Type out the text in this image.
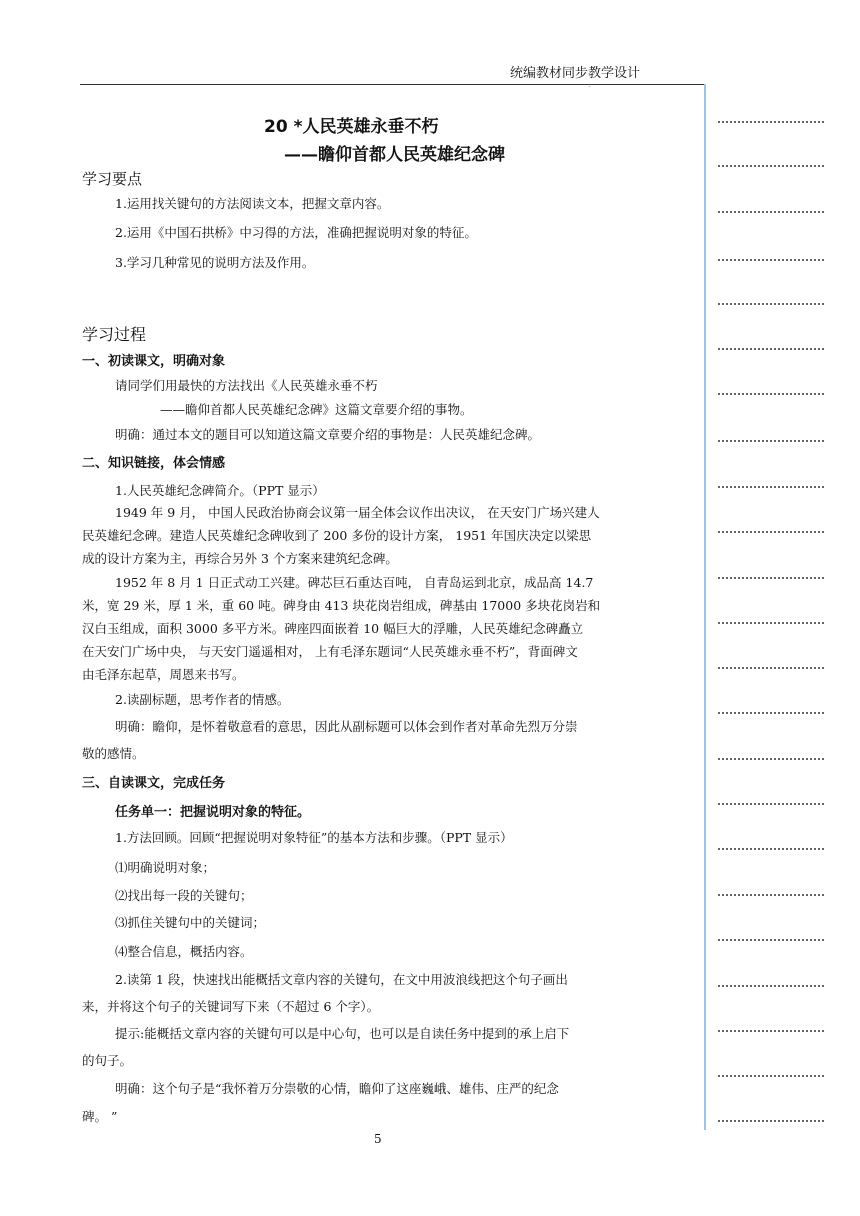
统编教材同步教学设计
.
20 *人民英雄永垂不朽
——瞻仰首都人民英雄纪念碑
学习要点
1.运用找关键句的方法阅读文本，把握文章内容。
2.运用《中国石拱桥》中习得的方法，准确把握说明对象的特征。
3.学习几种常见的说明方法及作用。
学习过程
一、初读课文，明确对象
请同学们用最快的方法找出《人民英雄永垂不朽
——瞻仰首都人民英雄纪念碑》这篇文章要介绍的事物。
明确：通过本文的题目可以知道这篇文章要介绍的事物是：人民英雄纪念碑。
二、知识链接，体会情感
1.人民英雄纪念碑简介。（PPT 显示）
1949 年 9 月， 中国人民政治协商会议第一届全体会议作出决议， 在天安门广场兴建人
民英雄纪念碑。建造人民英雄纪念碑收到了 200 多份的设计方案， 1951 年国庆决定以梁思
成的设计方案为主，再综合另外 3 个方案来建筑纪念碑。
1952 年 8 月 1 日正式动工兴建。碑芯巨石重达百吨， 自青岛运到北京，成品高 14.7
米，宽 29 米，厚 1 米，重 60 吨。碑身由 413 块花岗岩组成，碑基由 17000 多块花岗岩和
汉白玉组成，面积 3000 多平方米。碑座四面嵌着 10 幅巨大的浮雕，人民英雄纪念碑矗立
在天安门广场中央， 与天安门遥遥相对， 上有毛泽东题词“人民英雄永垂不朽”，背面碑文
由毛泽东起草，周恩来书写。
2.读副标题，思考作者的情感。
明确：瞻仰，是怀着敬意看的意思，因此从副标题可以体会到作者对革命先烈万分崇
敬的感情。
三、自读课文，完成任务
任务单一：把握说明对象的特征。
1.方法回顾。回顾“把握说明对象特征”的基本方法和步骤。（PPT 显示）
⑴明确说明对象；
⑵找出每一段的关键句；
⑶抓住关键句中的关键词；
⑷整合信息，概括内容。
2.读第 1 段，快速找出能概括文章内容的关键句，在文中用波浪线把这个句子画出
来，并将这个句子的关键词写下来（不超过 6 个字）。
提示:能概括文章内容的关键句可以是中心句，也可以是自读任务中提到的承上启下
的句子。
明确：这个句子是“我怀着万分崇敬的心情，瞻仰了这座巍峨、雄伟、庄严的纪念
碑。 ”
5
